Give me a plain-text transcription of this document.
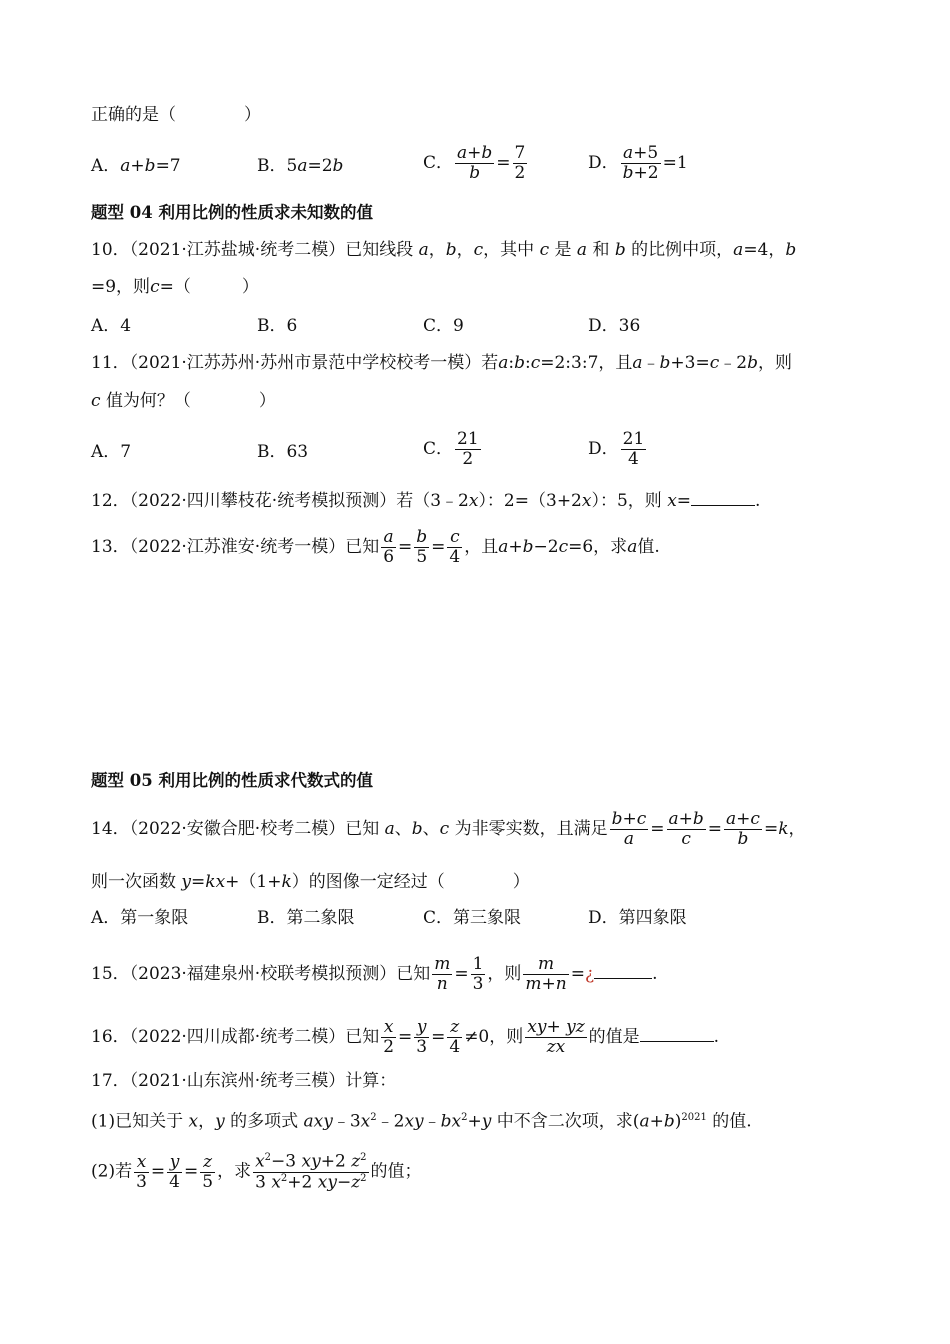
正确的是（　　　　）
A．a+b=7	B．5a=2b	C． $\frac{a+b}{b} = \frac{7}{2}$	D． $\frac{a+5}{b+2} =1$
题型 04 利用比例的性质求未知数的值
10．（2021·江苏盐城·统考二模）已知线段 a，b，c，其中 c 是 a 和 b 的比例中项，a=4，b
=9，则c=（　　　）
A．4	B．6	C．9	D．36
11．（2021·江苏苏州·苏州市景范中学校校考一模）若a:b:c=2:3:7，且a﹣b+3=c﹣2b，则
c 值为何？（　　　　）
A．7	B．63	C． $\frac{21}{2}$	D． $\frac{21}{4}$
12．（2022·四川攀枝花·统考模拟预测）若（3﹣2x）：2=（3+2x）：5，则 x=	.
13．（2022·江苏淮安·统考一模）已知 $\frac{a}{6} = \frac{b}{5} = \frac{c}{4}$ ，且a+b−2c=6，求a值.
题型 05 利用比例的性质求代数式的值
14．（2022·安徽合肥·校考二模）已知 a、b、c 为非零实数，且满足 $\frac{b+c}{a} = \frac{a+b}{c} = \frac{a+c}{b} =k$，
则一次函数 y=kx+（1+k）的图像一定经过（　　　　）
A．第一象限	B．第二象限	C．第三象限	D．第四象限
15．（2023·福建泉州·校联考模拟预测）已知 $\frac{m}{n} = \frac{1}{3}$ ，则 $\frac{m}{m+n}$ =¿	.
16．（2022·四川成都·统考二模）已知 $\frac{x}{2} = \frac{y}{3} = \frac{z}{4} \ne 0$，则 $\frac{xy+ yz}{zx}$ 的值是	.
17．（2021·山东滨州·统考三模）计算：
(1)已知关于 x，y 的多项式 $axy﹣3x^2﹣2xy﹣bx^2+y$ 中不含二次项，求$(a+b)^{2021}$ 的值.
(2)若 $\frac{x}{3} = \frac{y}{4} = \frac{z}{5}$ ，求 $\frac{x^2-3 xy+2 z^2}{3 x^2+2 xy-z^2}$ 的值；
